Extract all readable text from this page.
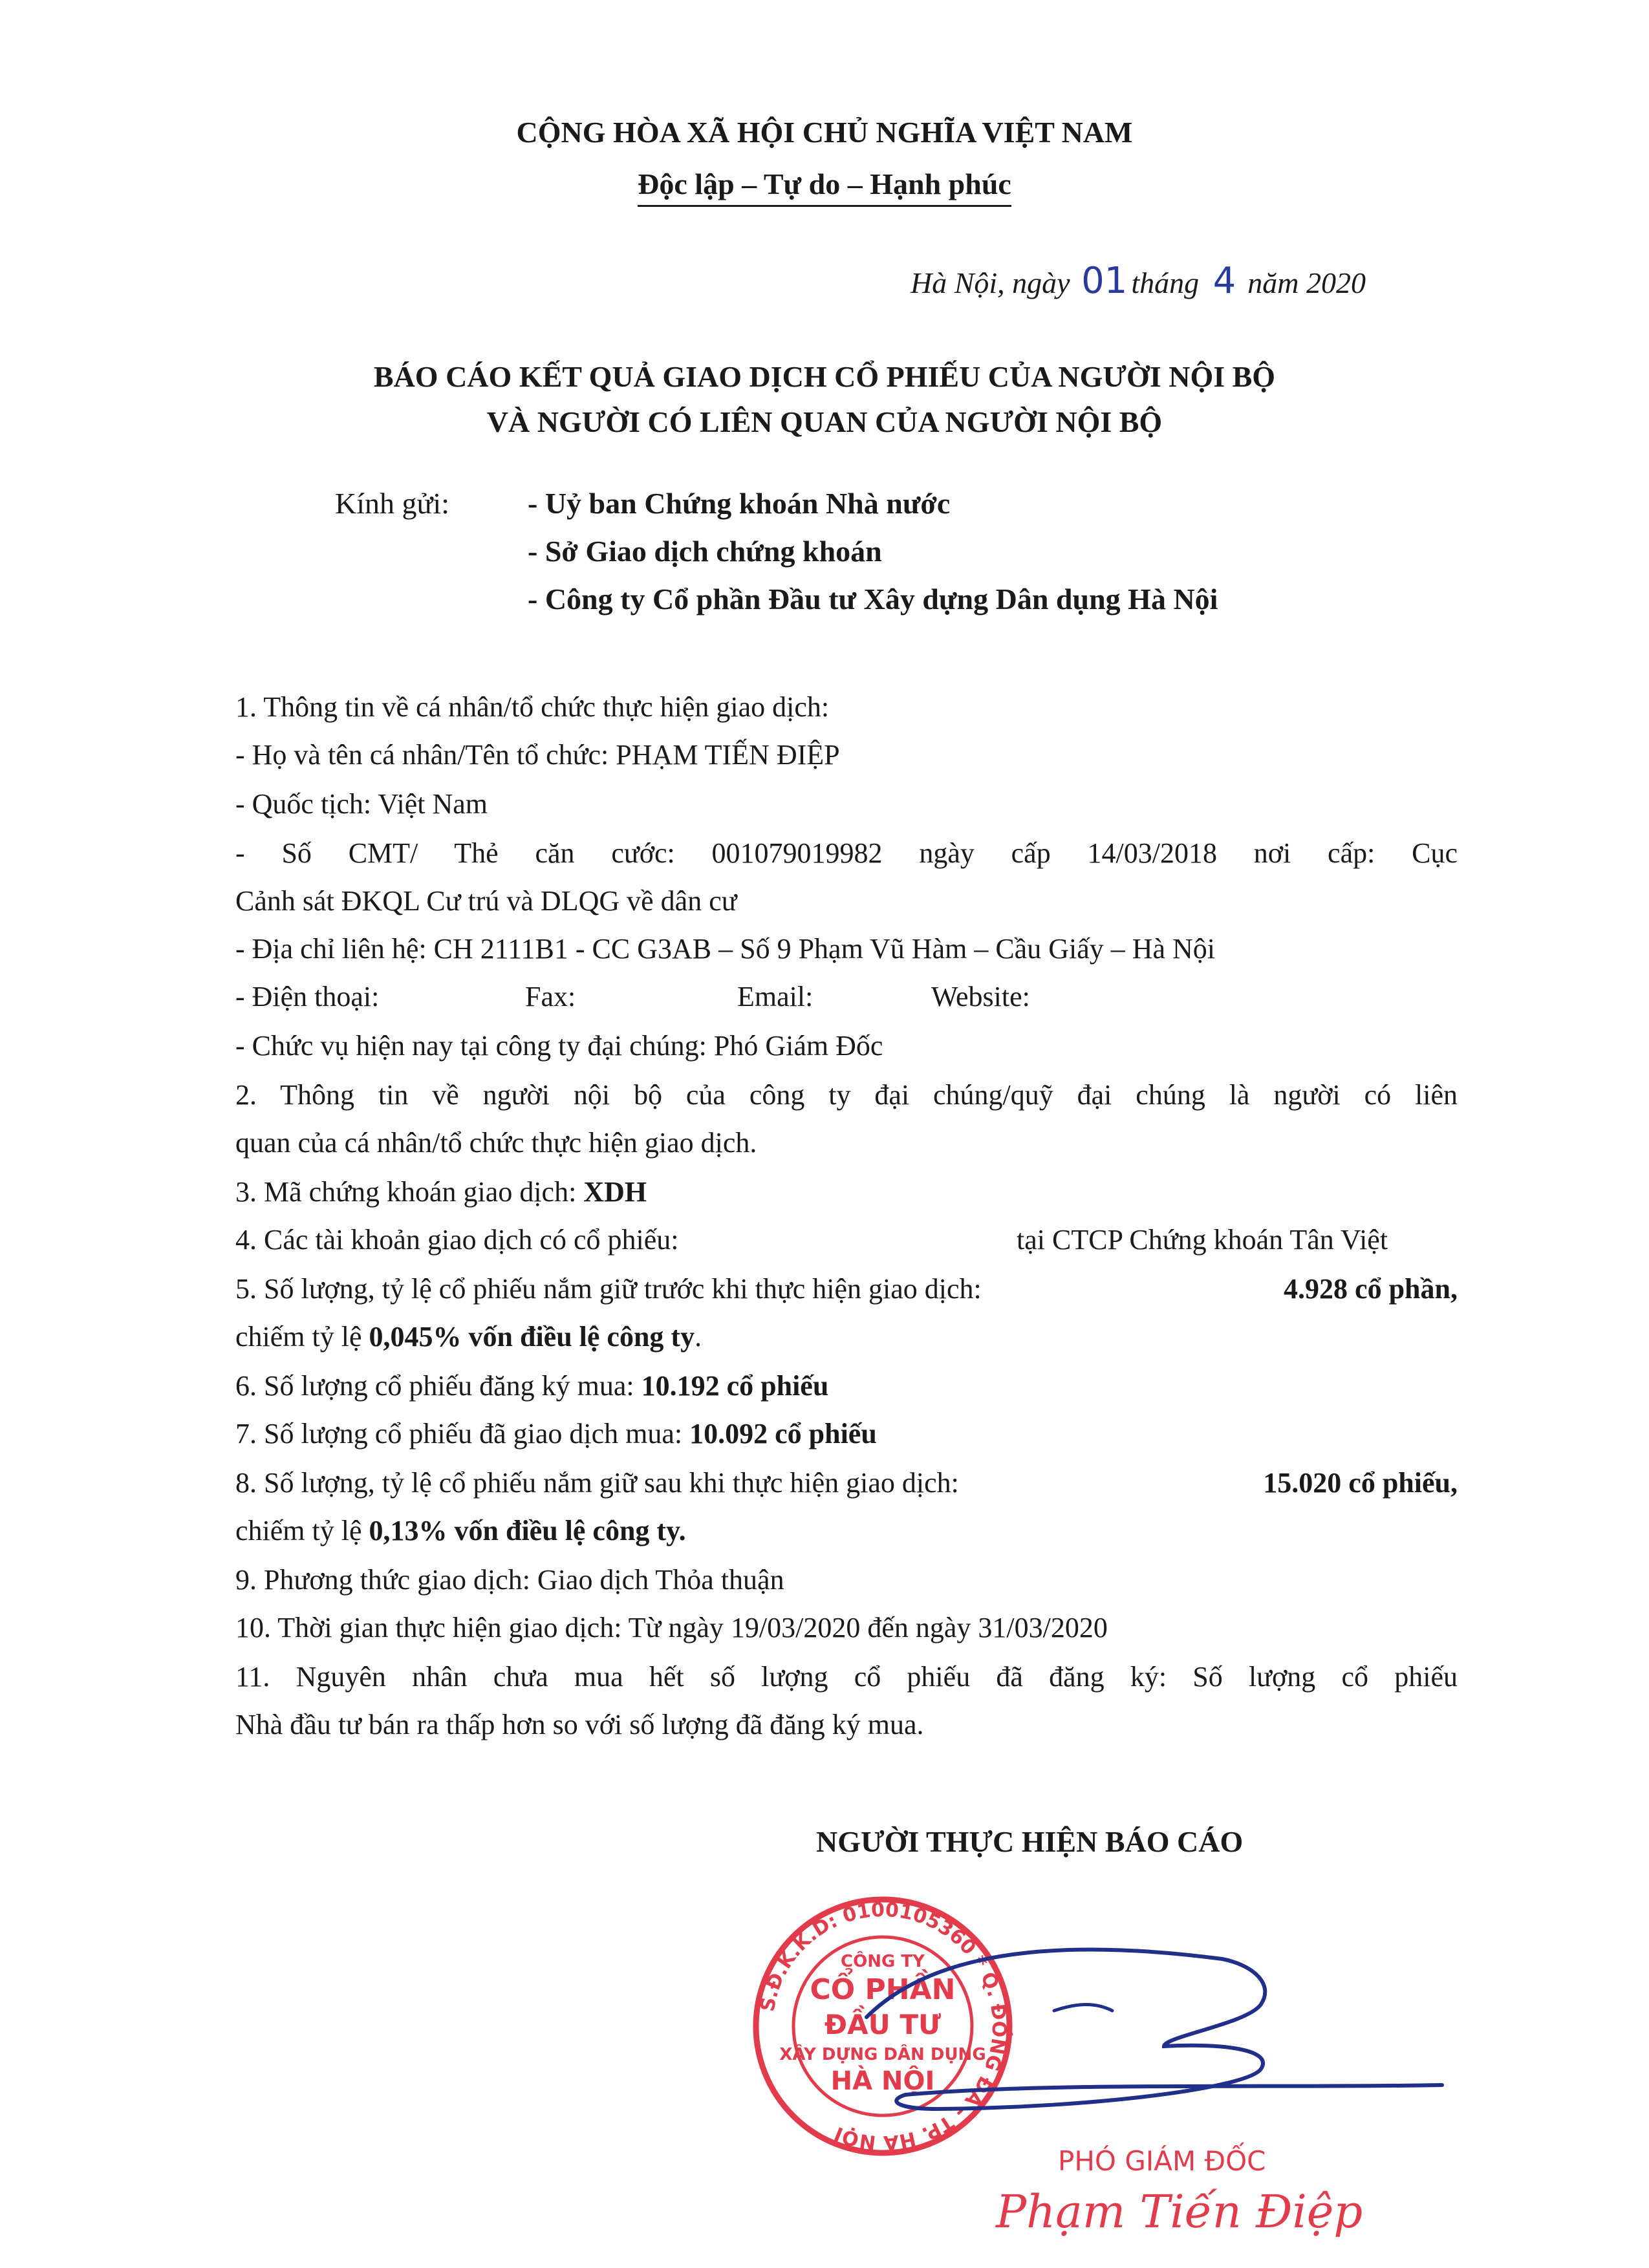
CỘNG HÒA XÃ HỘI CHỦ NGHĨA VIỆT NAM
Độc lập – Tự do – Hạnh phúc
Hà Nội, ngày 01 tháng 4 năm 2020
BÁO CÁO KẾT QUẢ GIAO DỊCH CỔ PHIẾU CỦA NGƯỜI NỘI BỘ
VÀ NGƯỜI CÓ LIÊN QUAN CỦA NGƯỜI NỘI BỘ
Kính gửi:	- Uỷ ban Chứng khoán Nhà nước
- Sở Giao dịch chứng khoán
- Công ty Cổ phần Đầu tư Xây dựng Dân dụng Hà Nội
1. Thông tin về cá nhân/tổ chức thực hiện giao dịch:
- Họ và tên cá nhân/Tên tổ chức: PHẠM TIẾN ĐIỆP
- Quốc tịch: Việt Nam
- Số CMT/ Thẻ căn cước: 001079019982 ngày cấp 14/03/2018 nơi cấp: Cục
Cảnh sát ĐKQL Cư trú và DLQG về dân cư
- Địa chỉ liên hệ: CH 2111B1 - CC G3AB – Số 9 Phạm Vũ Hàm – Cầu Giấy – Hà Nội
- Điện thoại:	Fax:	Email:	Website:
- Chức vụ hiện nay tại công ty đại chúng: Phó Giám Đốc
2. Thông tin về người nội bộ của công ty đại chúng/quỹ đại chúng là người có liên
quan của cá nhân/tổ chức thực hiện giao dịch.
3. Mã chứng khoán giao dịch: XDH
4. Các tài khoản giao dịch có cổ phiếu:	tại CTCP Chứng khoán Tân Việt
5. Số lượng, tỷ lệ cổ phiếu nắm giữ trước khi thực hiện giao dịch:	4.928 cổ phần,
chiếm tỷ lệ 0,045% vốn điều lệ công ty.
6. Số lượng cổ phiếu đăng ký mua: 10.192 cổ phiếu
7. Số lượng cổ phiếu đã giao dịch mua: 10.092 cổ phiếu
8. Số lượng, tỷ lệ cổ phiếu nắm giữ sau khi thực hiện giao dịch:	15.020 cổ phiếu,
chiếm tỷ lệ 0,13% vốn điều lệ công ty.
9. Phương thức giao dịch: Giao dịch Thỏa thuận
10. Thời gian thực hiện giao dịch: Từ ngày 19/03/2020 đến ngày 31/03/2020
11. Nguyên nhân chưa mua hết số lượng cổ phiếu đã đăng ký: Số lượng cổ phiếu
Nhà đầu tư bán ra thấp hơn so với số lượng đã đăng ký mua.
NGƯỜI THỰC HIỆN BÁO CÁO
S.Đ.K.K.D: 0100105360 * Q. ĐỐNG ĐA - TP. HÀ NỘI
CÔNG TY
CỔ PHẦN
ĐẦU TƯ
XÂY DỰNG DÂN DỤNG
HÀ NỘI
PHÓ GIÁM ĐỐC
Phạm Tiến Điệp
